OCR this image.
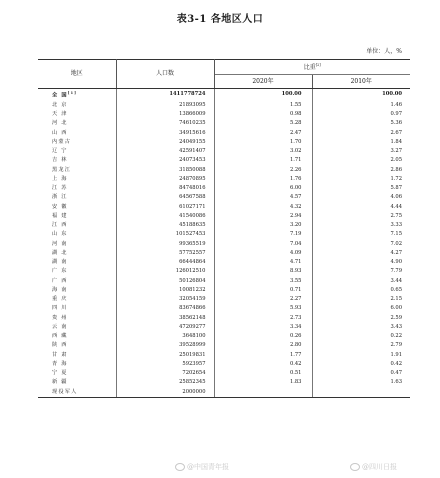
表3-1 各地区人口
单位：人，%
地区	人口数	比重[2]
		2020年	2010年
全 国[1]	1411778724	100.00	100.00
北 京	21893095	1.55	1.46
天 津	13866009	0.98	0.97
河 北	74610235	5.28	5.36
山 西	34915616	2.47	2.67
内蒙古	24049155	1.70	1.84
辽 宁	42591407	3.02	3.27
吉 林	24073453	1.71	2.05
黑龙江	31850088	2.26	2.86
上 海	24870895	1.76	1.72
江 苏	84748016	6.00	5.87
浙 江	64567588	4.57	4.06
安 徽	61027171	4.32	4.44
福 建	41540086	2.94	2.75
江 西	45188635	3.20	3.33
山 东	101527453	7.19	7.15
河 南	99365519	7.04	7.02
湖 北	57752557	4.09	4.27
湖 南	66444864	4.71	4.90
广 东	126012510	8.93	7.79
广 西	50126804	3.55	3.44
海 南	10081232	0.71	0.65
重 庆	32054159	2.27	2.15
四 川	83674866	5.93	6.00
贵 州	38562148	2.73	2.59
云 南	47209277	3.34	3.43
西 藏	3648100	0.26	0.22
陕 西	39528999	2.80	2.79
甘 肃	25019831	1.77	1.91
青 海	5923957	0.42	0.42
宁 夏	7202654	0.51	0.47
新 疆	25852345	1.83	1.63
现役军人	2000000		
@中国青年报	@四川日报
